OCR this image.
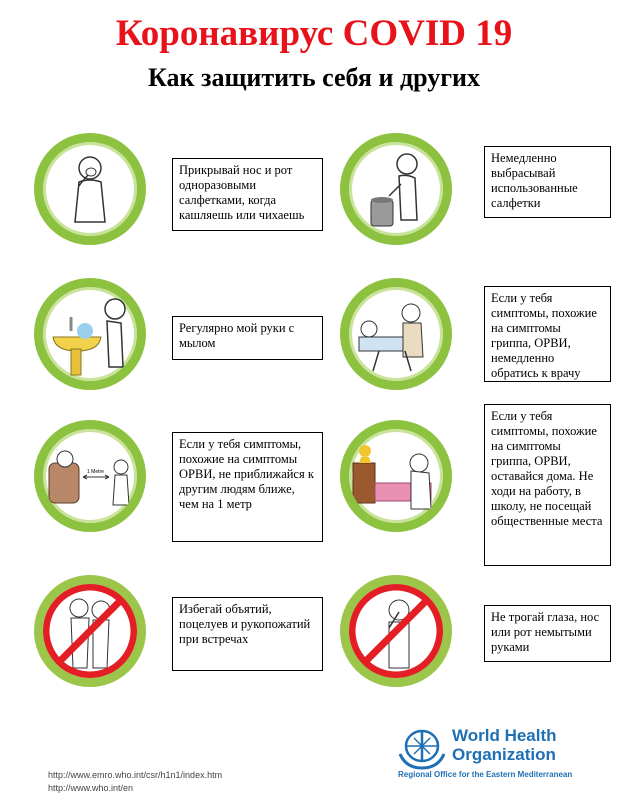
Коронавирус COVID 19
Как защитить себя и других
Прикрывай нос и рот одноразовыми салфетками, когда кашляешь или чихаешь
Немедленно выбрасывай использованные салфетки
Регулярно мой руки с мылом
Если у тебя симптомы, похожие на симптомы гриппа, ОРВИ, немедленно обратись к врачу
1 Metre
Если у тебя симптомы, похожие на симптомы ОРВИ, не приближайся к другим людям ближе, чем на 1 метр
Если у тебя симптомы, похожие на симптомы гриппа, ОРВИ, оставайся дома. Не ходи на работу, в школу, не посещай общественные места
Избегай объятий, поцелуев и рукопожатий при встречах
Не трогай глаза, нос или рот немытыми руками
http://www.emro.who.int/csr/h1n1/index.htm
http://www.who.int/en
World Health Organization
Regional Office for the Eastern Mediterranean
